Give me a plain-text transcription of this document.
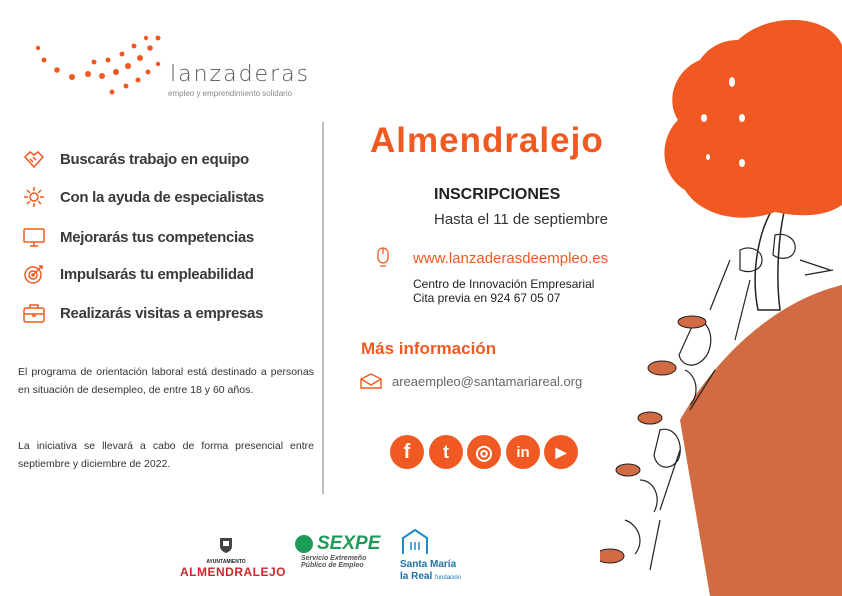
lanzaderas
empleo y emprendimiento solidario
Buscarás trabajo en equipo
Con la ayuda de especialistas
Mejorarás tus competencias
Impulsarás tu empleabilidad
Realizarás visitas a empresas
El programa de orientación laboral está destinado a personas en situación de desempleo, de entre 18 y 60 años.
La iniciativa se llevará a cabo de forma presencial entre septiembre y diciembre de 2022.
Almendralejo
INSCRIPCIONES
Hasta el 11 de septiembre
www.lanzaderasdeempleo.es
Centro de Innovación Empresarial
Cita previa en 924 67 05 07
Más información
areaempleo@santamariareal.org
f t ◎ in ▶
AYUNTAMIENTO
ALMENDRALEJO
SEXPE
Servicio Extremeño
Público de Empleo	Santa María
la Real fundación
